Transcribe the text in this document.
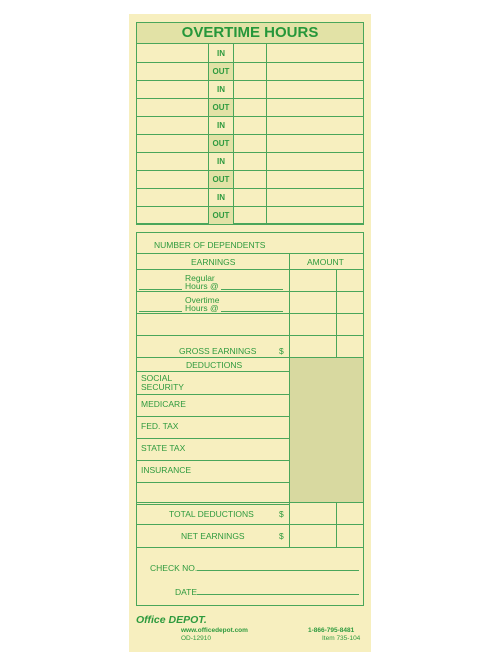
OVERTIME HOURS
IN
OUT
IN
OUT
IN
OUT
IN
OUT
IN
OUT
NUMBER OF DEPENDENTS
EARNINGS	AMOUNT
Regular
Hours @
Overtime
Hours @
GROSS EARNINGS	$
DEDUCTIONS
SOCIAL SECURITY
MEDICARE
FED. TAX
STATE TAX
INSURANCE
TOTAL DEDUCTIONS	$
NET EARNINGS	$
CHECK NO.
DATE
Office DEPOT.
www.officedepot.com
OD-12910
1-866-795-8481
Item 735-104
